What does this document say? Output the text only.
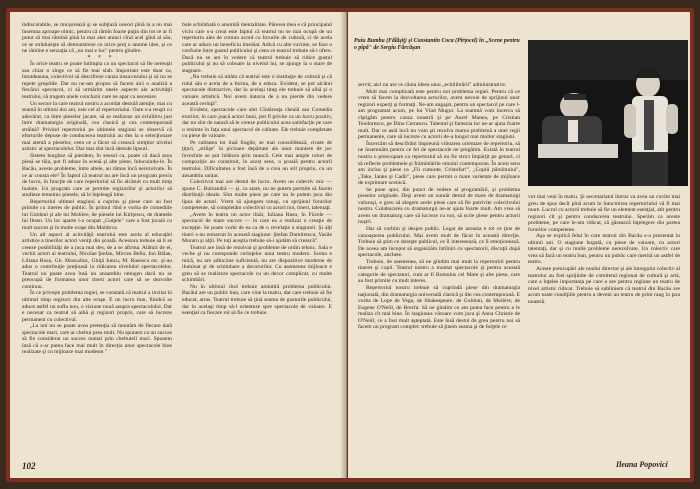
indiscutabile, se micşorează şi se subţiază uneori pînă la a nu mai însemna aproape nimic, pentru că rămîn foarte puţin din tot ce ar fi putut să mai rămînă pînă la mai ales atunci cînd acel gînd al său, ce se străduieşte să demonstreze cu orice preţ o anume idee, şi ce ne rămîne e senzaţia că „nu mai e loc" pentru gîndire.

* * *

În orice teatru se poate întîmpla ca un spectacol să fie nereuşit sau chiar o sînge ce să fie mai slab. Important este doar ca, întotdeauna, colectivul să descifreze cauza insuccesului şi să nu se repete greşelile. Dar nu ne-am propus să facem aici o analiză a fiecărui spectacol, ci să urmărim unele aspecte ale activităţii teatrului, să tragem unele concluzii care ne apar ca necesare.

Un sector la care teatrul nostru a acordat destulă atenţie, mai cu seamă în ultimii doi ani, este cel al repertoriului. Oare s-a reuşit cu adevărat, ca între pieselor jucate, să se realizeze un echilibru just între dramaturgia originală, cea clasică şi cea contemporană străină? Privind repertoriul pe ultimele stagiuni se observă că eforturile depuse de conducerea teatrului au dus la o selecţionare mai atentă a pieselor, ceea ce a făcut să crească simţitor nivelul artistic al spectacolelor. Dar mai sînt încă destule lipsuri.

Sistem burghez să pierdem, în sensul ca, poate că dacă acea piesă se tăia, pot fi aduse în scenă şi alte piese, înlocuindu-le. În Bacău, aceste probleme, între altele, au rămas încă nerezolvate. În ce ar consta ele? În faptul că teatrul nu are încă un program precis de lucru, în funcţie de care repertoriul să fie alcătuit cu mult timp înainte. Un program care ar permite regizorilor şi actorilor să studieze temeinic piesele, să le înţeleagă bine.

Repertoriul ultimei stagiuni a cuprins şi piese care au fost primite cu interes de public. În primul rînd e vorba de comediile lui Goldoni şi ale lui Molière, de piesele lui Kiriţescu, de dramele lui Ibsen. Un loc aparte l-a ocupat „Gaiţele" care a fost jucată cu mult succes şi în multe oraşe din Moldova.

Un alt aspect al activităţii teatrului este acela al educaţiei artistice a tinerilor actori veniţi din şcoală. Acestora trebuie să li se creeze posibilităţi de a juca mai des, de a se afirma. Alături de ei, vechii actori ai teatrului, Nicolae Ştefan, Mircea Beliu, Ion Bălan, Liliana Rusu, Gh. Moscaliuc, Ghiţă Juncu, M. Rusescu etc. şi-au adus o contribuţie preţioasă la ridicarea nivelului spectacolelor. Teatrul nu poate avea însă un ansamblu omogen dacă nu se preocupă de formarea unor tineri actori care să se dezvolte continuu.

În ce priveşte problema regiei, se constată că teatrul a invitat în ultimul timp regizori din alte oraşe. E un lucru bun, fiindcă se aduce astfel un suflu nou, o viziune nouă asupra spectacolului. Dar e necesar ca teatrul să aibă şi regizori proprii, care să lucreze permanent cu colectivul.

„La noi nu se poate avea pretenţia să montăm de fiecare dată spectacole mari, care ar cheltui prea mult. Nu spunem ca un succes să fie considerat un succes numai prin cheltuieli mari. Spunem însă că s-ar putea face mai mult în direcţia unor spectacole bine realizate şi cu mijloace mai modeste."

bule schimbată o anumită mentalitate. Părerea mea e că principalul viciu care s-a creat este faptul că teatrul nu se mai ocupă de un repertoriu ales de comun acord cu forurile de cultură, ci de acela care ar aduce un beneficiu imediat. Adică cu alte cuvinte, se face o confuzie între gustul publicului şi ceea ce teatrul trebuie să-i ofere. Dacă nu se are în vedere că teatrul trebuie să ridice gustul publicului şi nu să coboare la nivelul lui, se ajunge la o stare de stagnare.

„Nu trebuie să uităm că teatrul este o instituţie de cultură şi că rolul său e acela de a forma, de a educa. Evident, se pot alcătui spectacole distractive, dar în acelaşi timp ele trebuie să aibă şi o valoare artistică. Noi avem datoria de a nu pierde din vedere această cerinţă".

Evident, spectacole care sînt Cîntăreaţa cheală sau Comedia erorilor, în care joacă actori buni, pot fi privite ca un lucru pozitiv, dar nu sînt de natură să le creeze publicului acea satisfacţie pe care o resimte în faţa unui spectacol de calitate. Ele trebuie completate cu piese de valoare.

Pe calitatea lor însă fragile, se mai consolidează, cruste de ţiţuri, „stilişe" în picioare depărtate ale unor maniere de joc învechite se pot înlătura prin muncă. Cele mai ample roluri de compoziţie au constituit, în acest sens, o şcoală pentru actorii teatrului. Dificultatea a fost însă de a crea un stil propriu, cu un ansamblu unitar.

Colectivul mai are destul de lucru. Avem un colectiv mic — spune C. Bulcandră — şi, ca atare, nu ne putem permite să facem distribuţii ideale. Sînt multe piese pe care nu le putem juca din lipsa de actori. Vrem să ajungem totuşi, cu sprijinul forurilor competente, să completăm colectivul cu actori noi, tineri, talentaţi.

„Avem în teatru un actor tînăr, Iuliana Rusu, în Fiicele — spectacol de mare succes — în care ea a realizat o creaţie de excepţie. Se poate vorbi de ea ca de o revelaţie a stagiunii. Şi alţi tineri s-au remarcat în această stagiune: Ştefan Dumitrescu, Vasile Muraru şi alţii. Pe toţi aceştia trebuie să-i ajutăm să crească".

Teatrul are însă de rezolvat şi probleme de ordin tehnic. Sala e veche şi nu corespunde cerinţelor unui teatru modern. Scena e mică, nu are adîncime suficientă, nu are dispozitive moderne de iluminat şi de schimbare a decorurilor. Cu asemenea mijloace e greu să se realizeze spectacole cu un decor complicat, cu multe schimbări.

Nu în ultimul rînd trebuie amintită problema publicului. Bacăul are un public bun, care vine la teatru, dar care trebuie să fie educat, atras. Teatrul trebuie să ţină seama de gusturile publicului, dar în acelaşi timp să-l orienteze spre spectacole de valoare. E esenţial ca fiecare rol să fie ce trebuie.

102
Puiu Bumbu (Fălăşiţ) şi Constantin Coca (Pîrţocel) în „Scene pentru o pîpă" de Sergiu Fărcăşan

servit; aici nu are ce căuta ideea unui „echilibrării" administrative.

Mult mai complicată este pentru noi problema regiei. Pentru că ce vrem să facem la dezvoltarea actorilor, avem nevoie de sprijinul unor regizori experţi şi formaţi. Ne-am angajat, pentru un spectacol pe care l-am programat acum, pe lui Vlad Mugur. La toamnă vom încerca să cîştigăm pentru cauza noastră şi pe Aurel Manea, pe Cristian Teodorescu, pe Dinu Cernescu. Talentul şi fantezia lor ne-ar ajuta foarte mult. Dar ce astă încă nu vom şti rezolva marea problemă a unei regii permanente, care să lucreze cu actorii de-a lungul mai multor stagiuni.

Încercăm să descifrăm împreună viitoarea orientare de repertoriu, să ne însemnăm pentru ce fel de spectacole ne pregătim. Există în teatrul nostru o preocupare ca repertoriul să nu fie strict împărţit pe genuri, ci să reflecte problemele şi frămîntările omului contemporan. În acest sens am inclus şi piese ca „Fii cuminte, Cristofor!", „Copiii pămîntului", „Take, Ianke şi Cadîr", piese care permit o mare varietate de mijloace de exprimare scenică.

Se pune apoi, din punct de vedere al programării, şi problema pieselor originale. Deşi avem un număr destul de mare de dramaturgi valoroşi, e greu să alegem acele piese care să fie potrivite colectivului nostru. Colaborarea cu dramaturgii ne-ar ajuta foarte mult. Am vrea să avem un dramaturg care să lucreze cu noi, să scrie piese pentru actorii noştri.

Dar să vorbim şi despre public. Legat de aceasta e tot ce ţine de cunoaşterea publicului. Mai avem mult de făcut în această direcţie. Trebuie să ştim ce doreşte publicul, ce îl interesează, ce îl emoţionează. De aceea am început să organizăm întîlniri cu spectatorii, discuţii după spectacole, anchete.

Trebuie, de asemenea, să ne gîndim mai mult la repertoriul pentru tineret şi copii. Teatrul nostru a montat spectacole şi pentru această categorie de spectatori, cum ar fi Romulus cel Mare şi alte piese, care au fost primite cu mult interes.

Repertoriul nostru trebuie să cuprindă piese din dramaturgia naţională, din dramaturgia universală clasică şi din cea contemporană. E vorba de Lope de Vega, de Shakespeare, de Goldoni, de Molière, de Eugene O'Neill, de Brecht. Să ne gîndim ce am putea face pentru a le realiza cît mai bine. În stagiunea viitoare vom juca şi Anna Christie de O'Neill, ce a fost mult aşteptată. Este însă destul de greu pentru noi să facem un program complet: trebuie să ţinem seama şi de forţele ce

vor mai veni în teatru. Şi secretariatul literar va avea un cuvînt mai greu de spus decît pînă acum în întocmirea repertoriului vă fi mai mare. Lucrul cu actorii trebuie să fie un element esenţial, atît pentru regizori cît şi pentru conducerea teatrului. Sperăm ca aceste probleme, pe care le-am ridicat, să găsească înţelegere din partea forurilor competente.

Aşa se explică felul în care teatrul din Bacău s-a prezentat în ultimii ani. O stagiune bogată, cu piese de valoare, cu actori talentaţi, dar şi cu multe probleme nerezolvate. Un colectiv care vrea să facă un teatru bun, pentru un public care merită un astfel de teatru.

Aceste preocupări ale noului director şi ale întregului colectiv al teatrului au fost sprijinite de comitetul regional de cultură şi artă, care a înţeles importanţa pe care o are pentru regiune un teatru de nivel artistic ridicat. Trebuie să subliniem că teatrul din Bacău are acum toate condiţiile pentru a deveni un teatru de prim rang în ţara noastră.

Ileana Popovici
